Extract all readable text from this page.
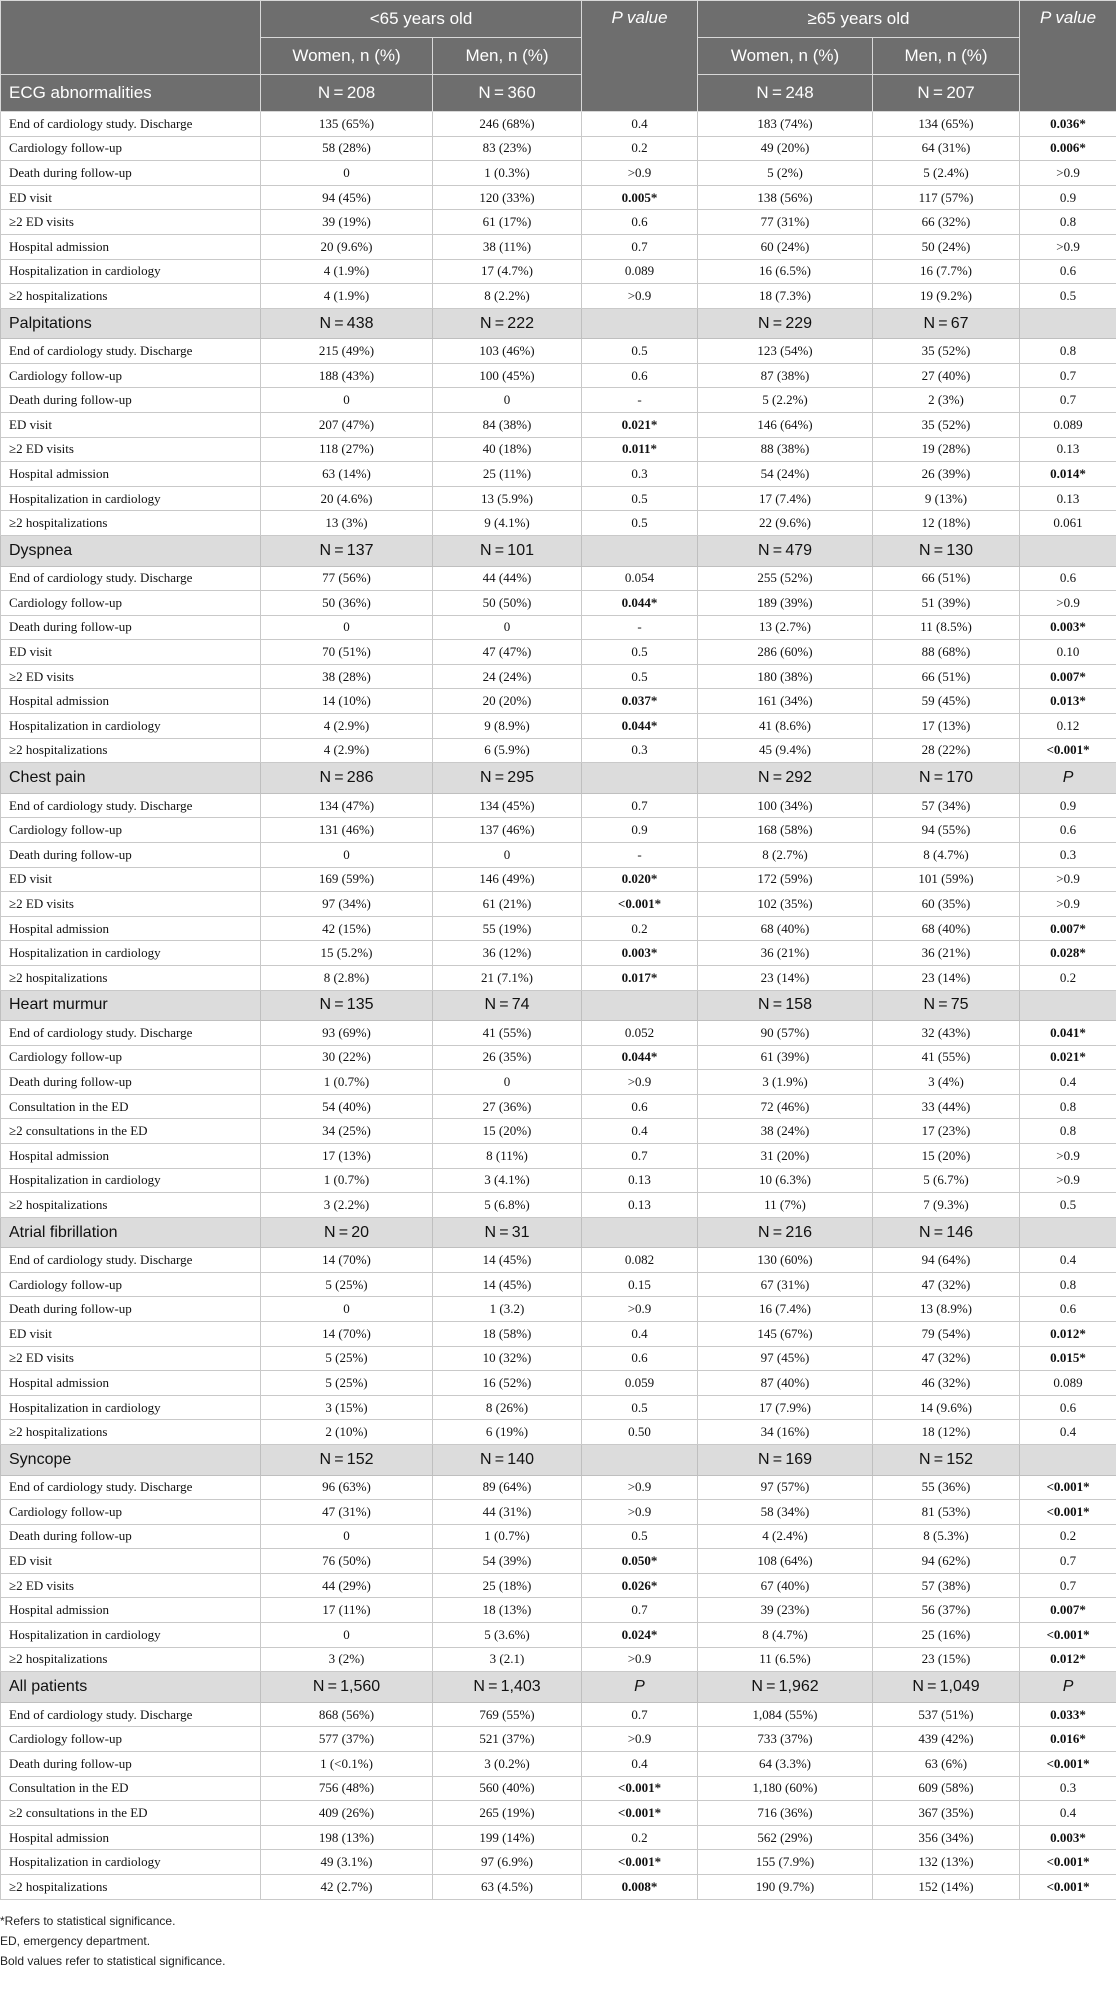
	<65 years old		P value	≥65 years old		P value
	Women, n (%)	Men, n (%)		Women, n (%)	Men, n (%)	
ECG abnormalities	N = 208	N = 360		N = 248	N = 207	
End of cardiology study. Discharge	135 (65%)	246 (68%)	0.4	183 (74%)	134 (65%)	0.036*
Cardiology follow-up	58 (28%)	83 (23%)	0.2	49 (20%)	64 (31%)	0.006*
Death during follow-up	0	1 (0.3%)	>0.9	5 (2%)	5 (2.4%)	>0.9
ED visit	94 (45%)	120 (33%)	0.005*	138 (56%)	117 (57%)	0.9
≥2 ED visits	39 (19%)	61 (17%)	0.6	77 (31%)	66 (32%)	0.8
Hospital admission	20 (9.6%)	38 (11%)	0.7	60 (24%)	50 (24%)	>0.9
Hospitalization in cardiology	4 (1.9%)	17 (4.7%)	0.089	16 (6.5%)	16 (7.7%)	0.6
≥2 hospitalizations	4 (1.9%)	8 (2.2%)	>0.9	18 (7.3%)	19 (9.2%)	0.5
Palpitations	N = 438	N = 222		N = 229	N = 67	
End of cardiology study. Discharge	215 (49%)	103 (46%)	0.5	123 (54%)	35 (52%)	0.8
Cardiology follow-up	188 (43%)	100 (45%)	0.6	87 (38%)	27 (40%)	0.7
Death during follow-up	0	0	-	5 (2.2%)	2 (3%)	0.7
ED visit	207 (47%)	84 (38%)	0.021*	146 (64%)	35 (52%)	0.089
≥2 ED visits	118 (27%)	40 (18%)	0.011*	88 (38%)	19 (28%)	0.13
Hospital admission	63 (14%)	25 (11%)	0.3	54 (24%)	26 (39%)	0.014*
Hospitalization in cardiology	20 (4.6%)	13 (5.9%)	0.5	17 (7.4%)	9 (13%)	0.13
≥2 hospitalizations	13 (3%)	9 (4.1%)	0.5	22 (9.6%)	12 (18%)	0.061
Dyspnea	N = 137	N = 101		N = 479	N = 130	
End of cardiology study. Discharge	77 (56%)	44 (44%)	0.054	255 (52%)	66 (51%)	0.6
Cardiology follow-up	50 (36%)	50 (50%)	0.044*	189 (39%)	51 (39%)	>0.9
Death during follow-up	0	0	-	13 (2.7%)	11 (8.5%)	0.003*
ED visit	70 (51%)	47 (47%)	0.5	286 (60%)	88 (68%)	0.10
≥2 ED visits	38 (28%)	24 (24%)	0.5	180 (38%)	66 (51%)	0.007*
Hospital admission	14 (10%)	20 (20%)	0.037*	161 (34%)	59 (45%)	0.013*
Hospitalization in cardiology	4 (2.9%)	9 (8.9%)	0.044*	41 (8.6%)	17 (13%)	0.12
≥2 hospitalizations	4 (2.9%)	6 (5.9%)	0.3	45 (9.4%)	28 (22%)	<0.001*
Chest pain	N = 286	N = 295		N = 292	N = 170	P
End of cardiology study. Discharge	134 (47%)	134 (45%)	0.7	100 (34%)	57 (34%)	0.9
Cardiology follow-up	131 (46%)	137 (46%)	0.9	168 (58%)	94 (55%)	0.6
Death during follow-up	0	0	-	8 (2.7%)	8 (4.7%)	0.3
ED visit	169 (59%)	146 (49%)	0.020*	172 (59%)	101 (59%)	>0.9
≥2 ED visits	97 (34%)	61 (21%)	<0.001*	102 (35%)	60 (35%)	>0.9
Hospital admission	42 (15%)	55 (19%)	0.2	68 (40%)	68 (40%)	0.007*
Hospitalization in cardiology	15 (5.2%)	36 (12%)	0.003*	36 (21%)	36 (21%)	0.028*
≥2 hospitalizations	8 (2.8%)	21 (7.1%)	0.017*	23 (14%)	23 (14%)	0.2
Heart murmur	N = 135	N = 74		N = 158	N = 75	
End of cardiology study. Discharge	93 (69%)	41 (55%)	0.052	90 (57%)	32 (43%)	0.041*
Cardiology follow-up	30 (22%)	26 (35%)	0.044*	61 (39%)	41 (55%)	0.021*
Death during follow-up	1 (0.7%)	0	>0.9	3 (1.9%)	3 (4%)	0.4
Consultation in the ED	54 (40%)	27 (36%)	0.6	72 (46%)	33 (44%)	0.8
≥2 consultations in the ED	34 (25%)	15 (20%)	0.4	38 (24%)	17 (23%)	0.8
Hospital admission	17 (13%)	8 (11%)	0.7	31 (20%)	15 (20%)	>0.9
Hospitalization in cardiology	1 (0.7%)	3 (4.1%)	0.13	10 (6.3%)	5 (6.7%)	>0.9
≥2 hospitalizations	3 (2.2%)	5 (6.8%)	0.13	11 (7%)	7 (9.3%)	0.5
Atrial fibrillation	N = 20	N = 31		N = 216	N = 146	
End of cardiology study. Discharge	14 (70%)	14 (45%)	0.082	130 (60%)	94 (64%)	0.4
Cardiology follow-up	5 (25%)	14 (45%)	0.15	67 (31%)	47 (32%)	0.8
Death during follow-up	0	1 (3.2)	>0.9	16 (7.4%)	13 (8.9%)	0.6
ED visit	14 (70%)	18 (58%)	0.4	145 (67%)	79 (54%)	0.012*
≥2 ED visits	5 (25%)	10 (32%)	0.6	97 (45%)	47 (32%)	0.015*
Hospital admission	5 (25%)	16 (52%)	0.059	87 (40%)	46 (32%)	0.089
Hospitalization in cardiology	3 (15%)	8 (26%)	0.5	17 (7.9%)	14 (9.6%)	0.6
≥2 hospitalizations	2 (10%)	6 (19%)	0.50	34 (16%)	18 (12%)	0.4
Syncope	N = 152	N = 140		N = 169	N = 152	
End of cardiology study. Discharge	96 (63%)	89 (64%)	>0.9	97 (57%)	55 (36%)	<0.001*
Cardiology follow-up	47 (31%)	44 (31%)	>0.9	58 (34%)	81 (53%)	<0.001*
Death during follow-up	0	1 (0.7%)	0.5	4 (2.4%)	8 (5.3%)	0.2
ED visit	76 (50%)	54 (39%)	0.050*	108 (64%)	94 (62%)	0.7
≥2 ED visits	44 (29%)	25 (18%)	0.026*	67 (40%)	57 (38%)	0.7
Hospital admission	17 (11%)	18 (13%)	0.7	39 (23%)	56 (37%)	0.007*
Hospitalization in cardiology	0	5 (3.6%)	0.024*	8 (4.7%)	25 (16%)	<0.001*
≥2 hospitalizations	3 (2%)	3 (2.1)	>0.9	11 (6.5%)	23 (15%)	0.012*
All patients	N = 1,560	N = 1,403	P	N = 1,962	N = 1,049	P
End of cardiology study. Discharge	868 (56%)	769 (55%)	0.7	1,084 (55%)	537 (51%)	0.033*
Cardiology follow-up	577 (37%)	521 (37%)	>0.9	733 (37%)	439 (42%)	0.016*
Death during follow-up	1 (<0.1%)	3 (0.2%)	0.4	64 (3.3%)	63 (6%)	<0.001*
Consultation in the ED	756 (48%)	560 (40%)	<0.001*	1,180 (60%)	609 (58%)	0.3
≥2 consultations in the ED	409 (26%)	265 (19%)	<0.001*	716 (36%)	367 (35%)	0.4
Hospital admission	198 (13%)	199 (14%)	0.2	562 (29%)	356 (34%)	0.003*
Hospitalization in cardiology	49 (3.1%)	97 (6.9%)	<0.001*	155 (7.9%)	132 (13%)	<0.001*
≥2 hospitalizations	42 (2.7%)	63 (4.5%)	0.008*	190 (9.7%)	152 (14%)	<0.001*
*Refers to statistical significance.
ED, emergency department.
Bold values refer to statistical significance.
